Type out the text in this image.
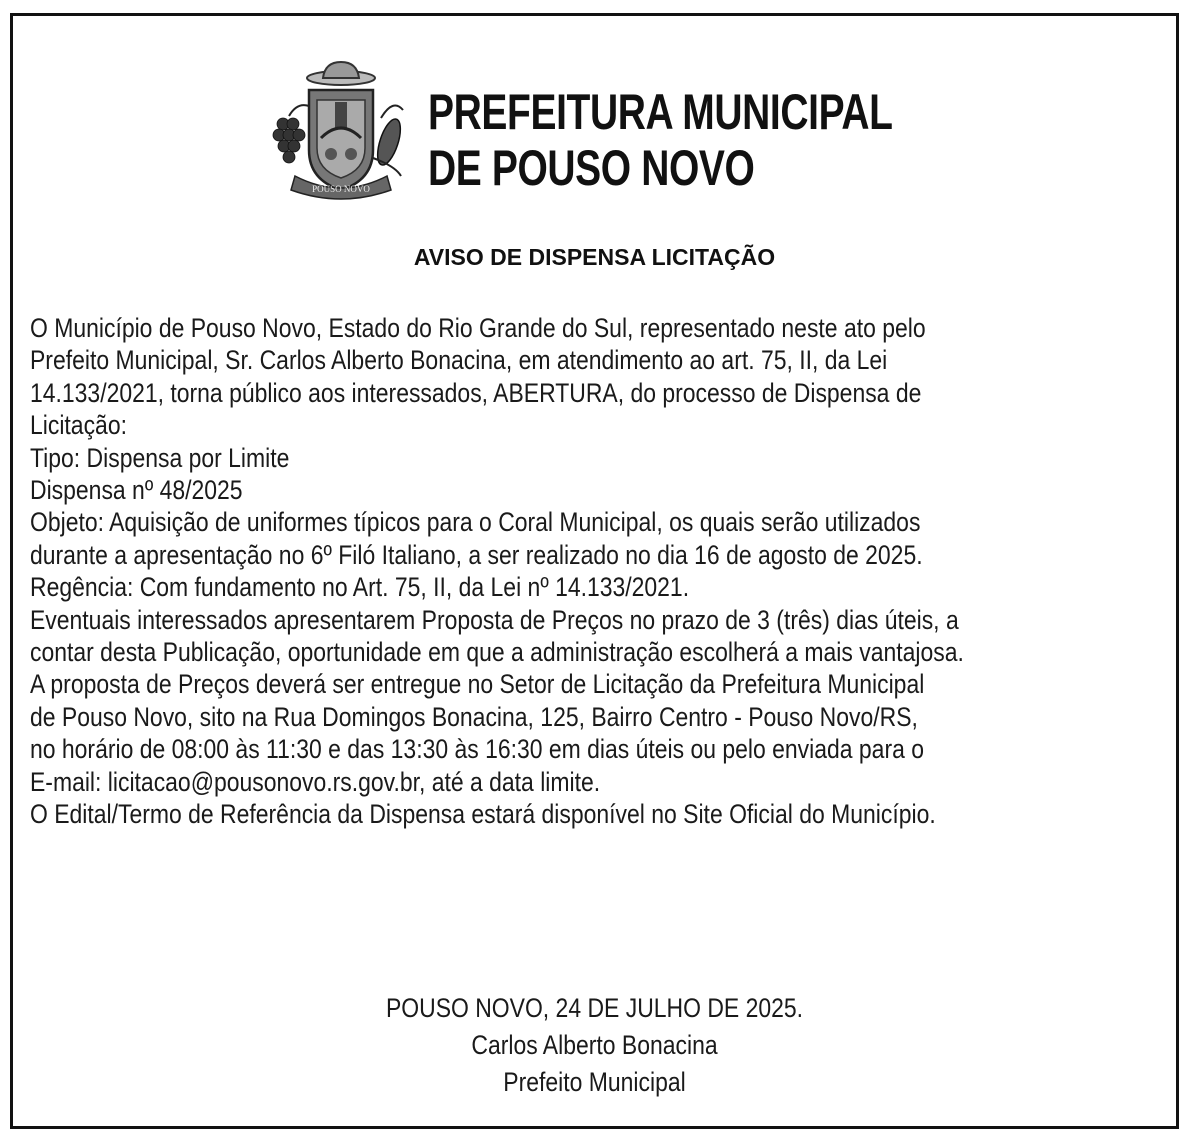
POUSO NOVO
PREFEITURA MUNICIPAL
DE POUSO NOVO
AVISO DE DISPENSA LICITAÇÃO
O Município de Pouso Novo, Estado do Rio Grande do Sul, representado neste ato pelo
Prefeito Municipal, Sr. Carlos Alberto Bonacina, em atendimento ao art. 75, II, da Lei
14.133/2021, torna público aos interessados, ABERTURA, do processo de Dispensa de
Licitação:
Tipo: Dispensa por Limite
Dispensa nº 48/2025
Objeto: Aquisição de uniformes típicos para o Coral Municipal, os quais serão utilizados
durante a apresentação no 6º Filó Italiano, a ser realizado no dia 16 de agosto de 2025.
Regência: Com fundamento no Art. 75, II, da Lei nº 14.133/2021.
Eventuais interessados apresentarem Proposta de Preços no prazo de 3 (três) dias úteis, a
contar desta Publicação, oportunidade em que a administração escolherá a mais vantajosa.
A proposta de Preços deverá ser entregue no Setor de Licitação da Prefeitura Municipal
de Pouso Novo, sito na Rua Domingos Bonacina, 125, Bairro Centro - Pouso Novo/RS,
no horário de 08:00 às 11:30 e das 13:30 às 16:30 em dias úteis ou pelo enviada para o
E-mail: licitacao@pousonovo.rs.gov.br, até a data limite.
O Edital/Termo de Referência da Dispensa estará disponível no Site Oficial do Município.
POUSO NOVO, 24 DE JULHO DE 2025.
Carlos Alberto Bonacina
Prefeito Municipal
